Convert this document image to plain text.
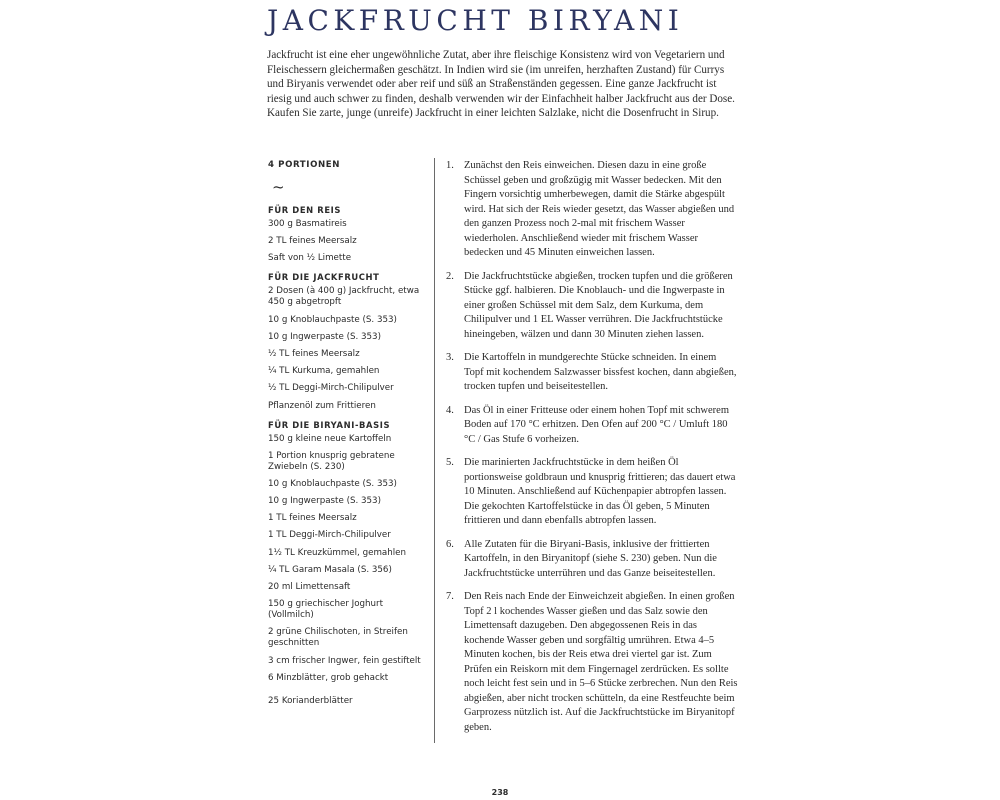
JACKFRUCHT BIRYANI

Jackfrucht ist eine eher ungewöhnliche Zutat, aber ihre fleischige Konsistenz wird von Vegetariern und Fleischessern gleichermaßen geschätzt. In Indien wird sie (im unreifen, herzhaften Zustand) für Currys und Biryanis verwendet oder aber reif und süß an Straßenständen gegessen. Eine ganze Jackfrucht ist riesig und auch schwer zu finden, deshalb verwenden wir der Einfachheit halber Jackfrucht aus der Dose. Kaufen Sie zarte, junge (unreife) Jackfrucht in einer leichten Salzlake, nicht die Dosenfrucht in Sirup.

4 PORTIONEN
~
FÜR DEN REIS
300 g Basmatireis
2 TL feines Meersalz
Saft von ½ Limette
FÜR DIE JACKFRUCHT
2 Dosen (à 400 g) Jackfrucht, etwa 450 g abgetropft
10 g Knoblauchpaste (S. 353)
10 g Ingwerpaste (S. 353)
½ TL feines Meersalz
¼ TL Kurkuma, gemahlen
½ TL Deggi-Mirch-Chilipulver
Pflanzenöl zum Frittieren
FÜR DIE BIRYANI-BASIS
150 g kleine neue Kartoffeln
1 Portion knusprig gebratene Zwiebeln (S. 230)
10 g Knoblauchpaste (S. 353)
10 g Ingwerpaste (S. 353)
1 TL feines Meersalz
1 TL Deggi-Mirch-Chilipulver
1½ TL Kreuzkümmel, gemahlen
¼ TL Garam Masala (S. 356)
20 ml Limettensaft
150 g griechischer Joghurt (Vollmilch)
2 grüne Chilischoten, in Streifen geschnitten
3 cm frischer Ingwer, fein gestiftelt
6 Minzblätter, grob gehackt
25 Korianderblätter
1. Zunächst den Reis einweichen. Diesen dazu in eine große Schüssel geben und großzügig mit Wasser bedecken. Mit den Fingern vorsichtig umherbewegen, damit die Stärke abgespült wird. Hat sich der Reis wieder gesetzt, das Wasser abgießen und den ganzen Prozess noch 2-mal mit frischem Wasser wiederholen. Anschließend wieder mit frischem Wasser bedecken und 45 Minuten einweichen lassen.
2. Die Jackfruchtstücke abgießen, trocken tupfen und die größeren Stücke ggf. halbieren. Die Knoblauch- und die Ingwerpaste in einer großen Schüssel mit dem Salz, dem Kurkuma, dem Chilipulver und 1 EL Wasser verrühren. Die Jackfruchtstücke hineingeben, wälzen und dann 30 Minuten ziehen lassen.
3. Die Kartoffeln in mundgerechte Stücke schneiden. In einem Topf mit kochendem Salzwasser bissfest kochen, dann abgießen, trocken tupfen und beiseitestellen.
4. Das Öl in einer Fritteuse oder einem hohen Topf mit schwerem Boden auf 170 °C erhitzen. Den Ofen auf 200 °C / Umluft 180 °C / Gas Stufe 6 vorheizen.
5. Die marinierten Jackfruchtstücke in dem heißen Öl portionsweise goldbraun und knusprig frittieren; das dauert etwa 10 Minuten. Anschließend auf Küchenpapier abtropfen lassen. Die gekochten Kartoffelstücke in das Öl geben, 5 Minuten frittieren und dann ebenfalls abtropfen lassen.
6. Alle Zutaten für die Biryani-Basis, inklusive der frittierten Kartoffeln, in den Biryanitopf (siehe S. 230) geben. Nun die Jackfruchtstücke unterrühren und das Ganze beiseitestellen.
7. Den Reis nach Ende der Einweichzeit abgießen. In einen großen Topf 2 l kochendes Wasser gießen und das Salz sowie den Limettensaft dazugeben. Den abgegossenen Reis in das kochende Wasser geben und sorgfältig umrühren. Etwa 4–5 Minuten kochen, bis der Reis etwa drei viertel gar ist. Zum Prüfen ein Reiskorn mit dem Fingernagel zerdrücken. Es sollte noch leicht fest sein und in 5–6 Stücke zerbrechen. Nun den Reis abgießen, aber nicht trocken schütteln, da eine Restfeuchte beim Garprozess nützlich ist. Auf die Jackfruchtstücke im Biryanitopf geben.
238
